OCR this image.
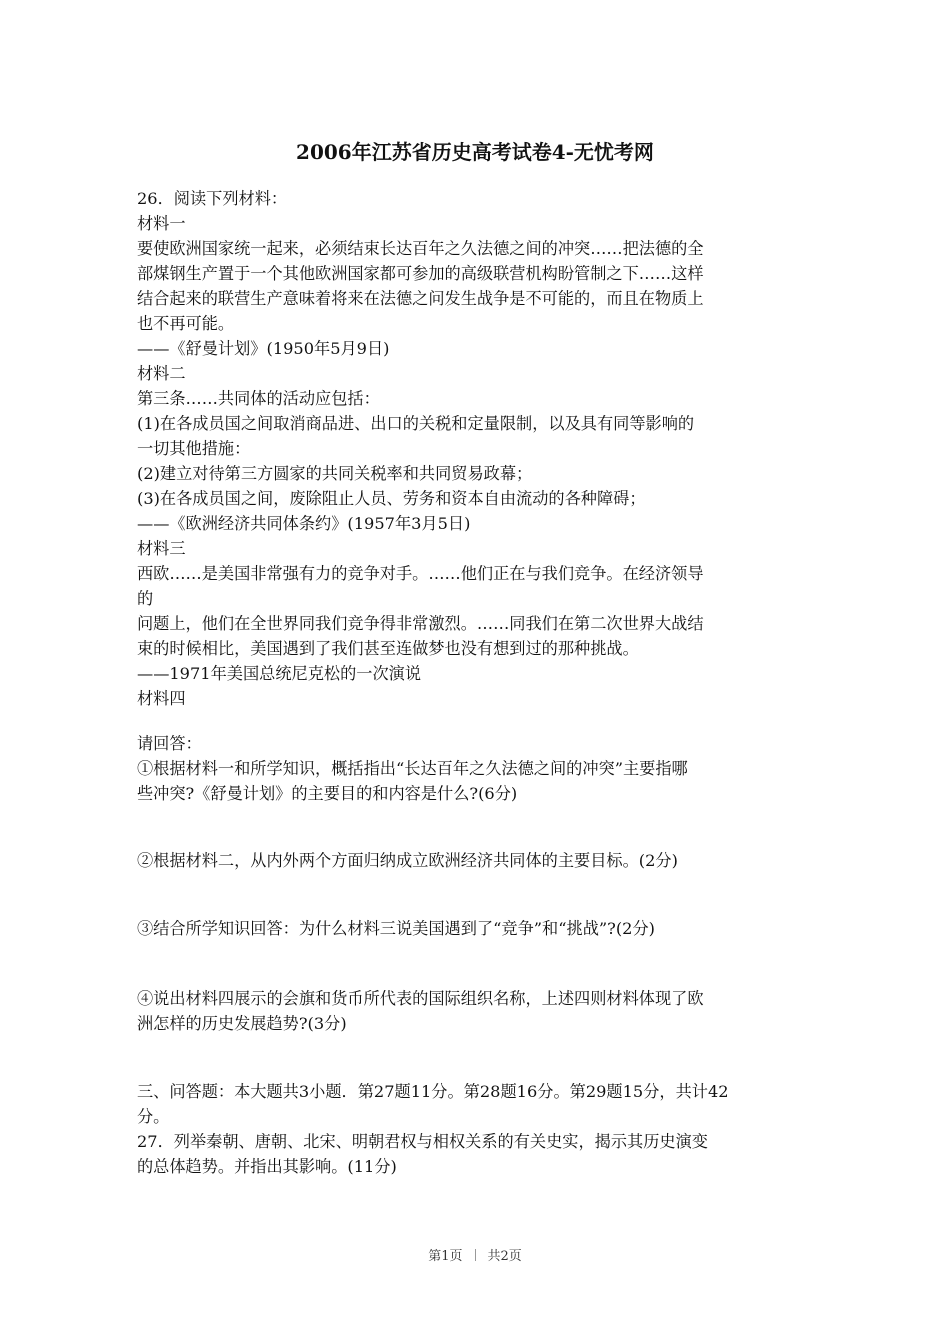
2006年江苏省历史高考试卷4-无忧考网
26．阅读下列材料：
材料一
要使欧洲国家统一起来，必须结束长达百年之久法德之间的冲突……把法德的全
部煤钢生产置于一个其他欧洲国家都可参加的高级联营机构盼管制之下……这样
结合起来的联营生产意味着将来在法德之问发生战争是不可能的，而且在物质上
也不再可能。
——《舒曼计划》(1950年5月9日)
材料二
第三条……共同体的活动应包括：
(1)在各成员国之间取消商品进、出口的关税和定量限制，以及具有同等影响的
一切其他措施：
(2)建立对待第三方圆家的共同关税率和共同贸易政幕；
(3)在各成员国之间，废除阻止人员、劳务和资本自由流动的各种障碍；
——《欧洲经济共同体条约》(1957年3月5日)
材料三
西欧……是美国非常强有力的竞争对手。……他们正在与我们竞争。在经济领导
的
问题上，他们在全世界同我们竞争得非常激烈。……同我们在第二次世界大战结
束的时候相比，美国遇到了我们甚至连做梦也没有想到过的那种挑战。
——1971年美国总统尼克松的一次演说
材料四
请回答：
①根据材料一和所学知识，概括指出“长达百年之久法德之间的冲突”主要指哪
些冲突?《舒曼计划》的主要目的和内容是什么?(6分)
②根据材料二，从内外两个方面归纳成立欧洲经济共同体的主要目标。(2分)
③结合所学知识回答：为什么材料三说美国遇到了“竞争”和“挑战”?(2分)
④说出材料四展示的会旗和货币所代表的国际组织名称，上述四则材料体现了欧
洲怎样的历史发展趋势?(3分)
三、问答题：本大题共3小题．第27题11分。第28题16分。第29题15分，共计42
分。
27．列举秦朝、唐朝、北宋、明朝君权与相权关系的有关史实，揭示其历史演变
的总体趋势。并指出其影响。(11分)
第1页 共2页
